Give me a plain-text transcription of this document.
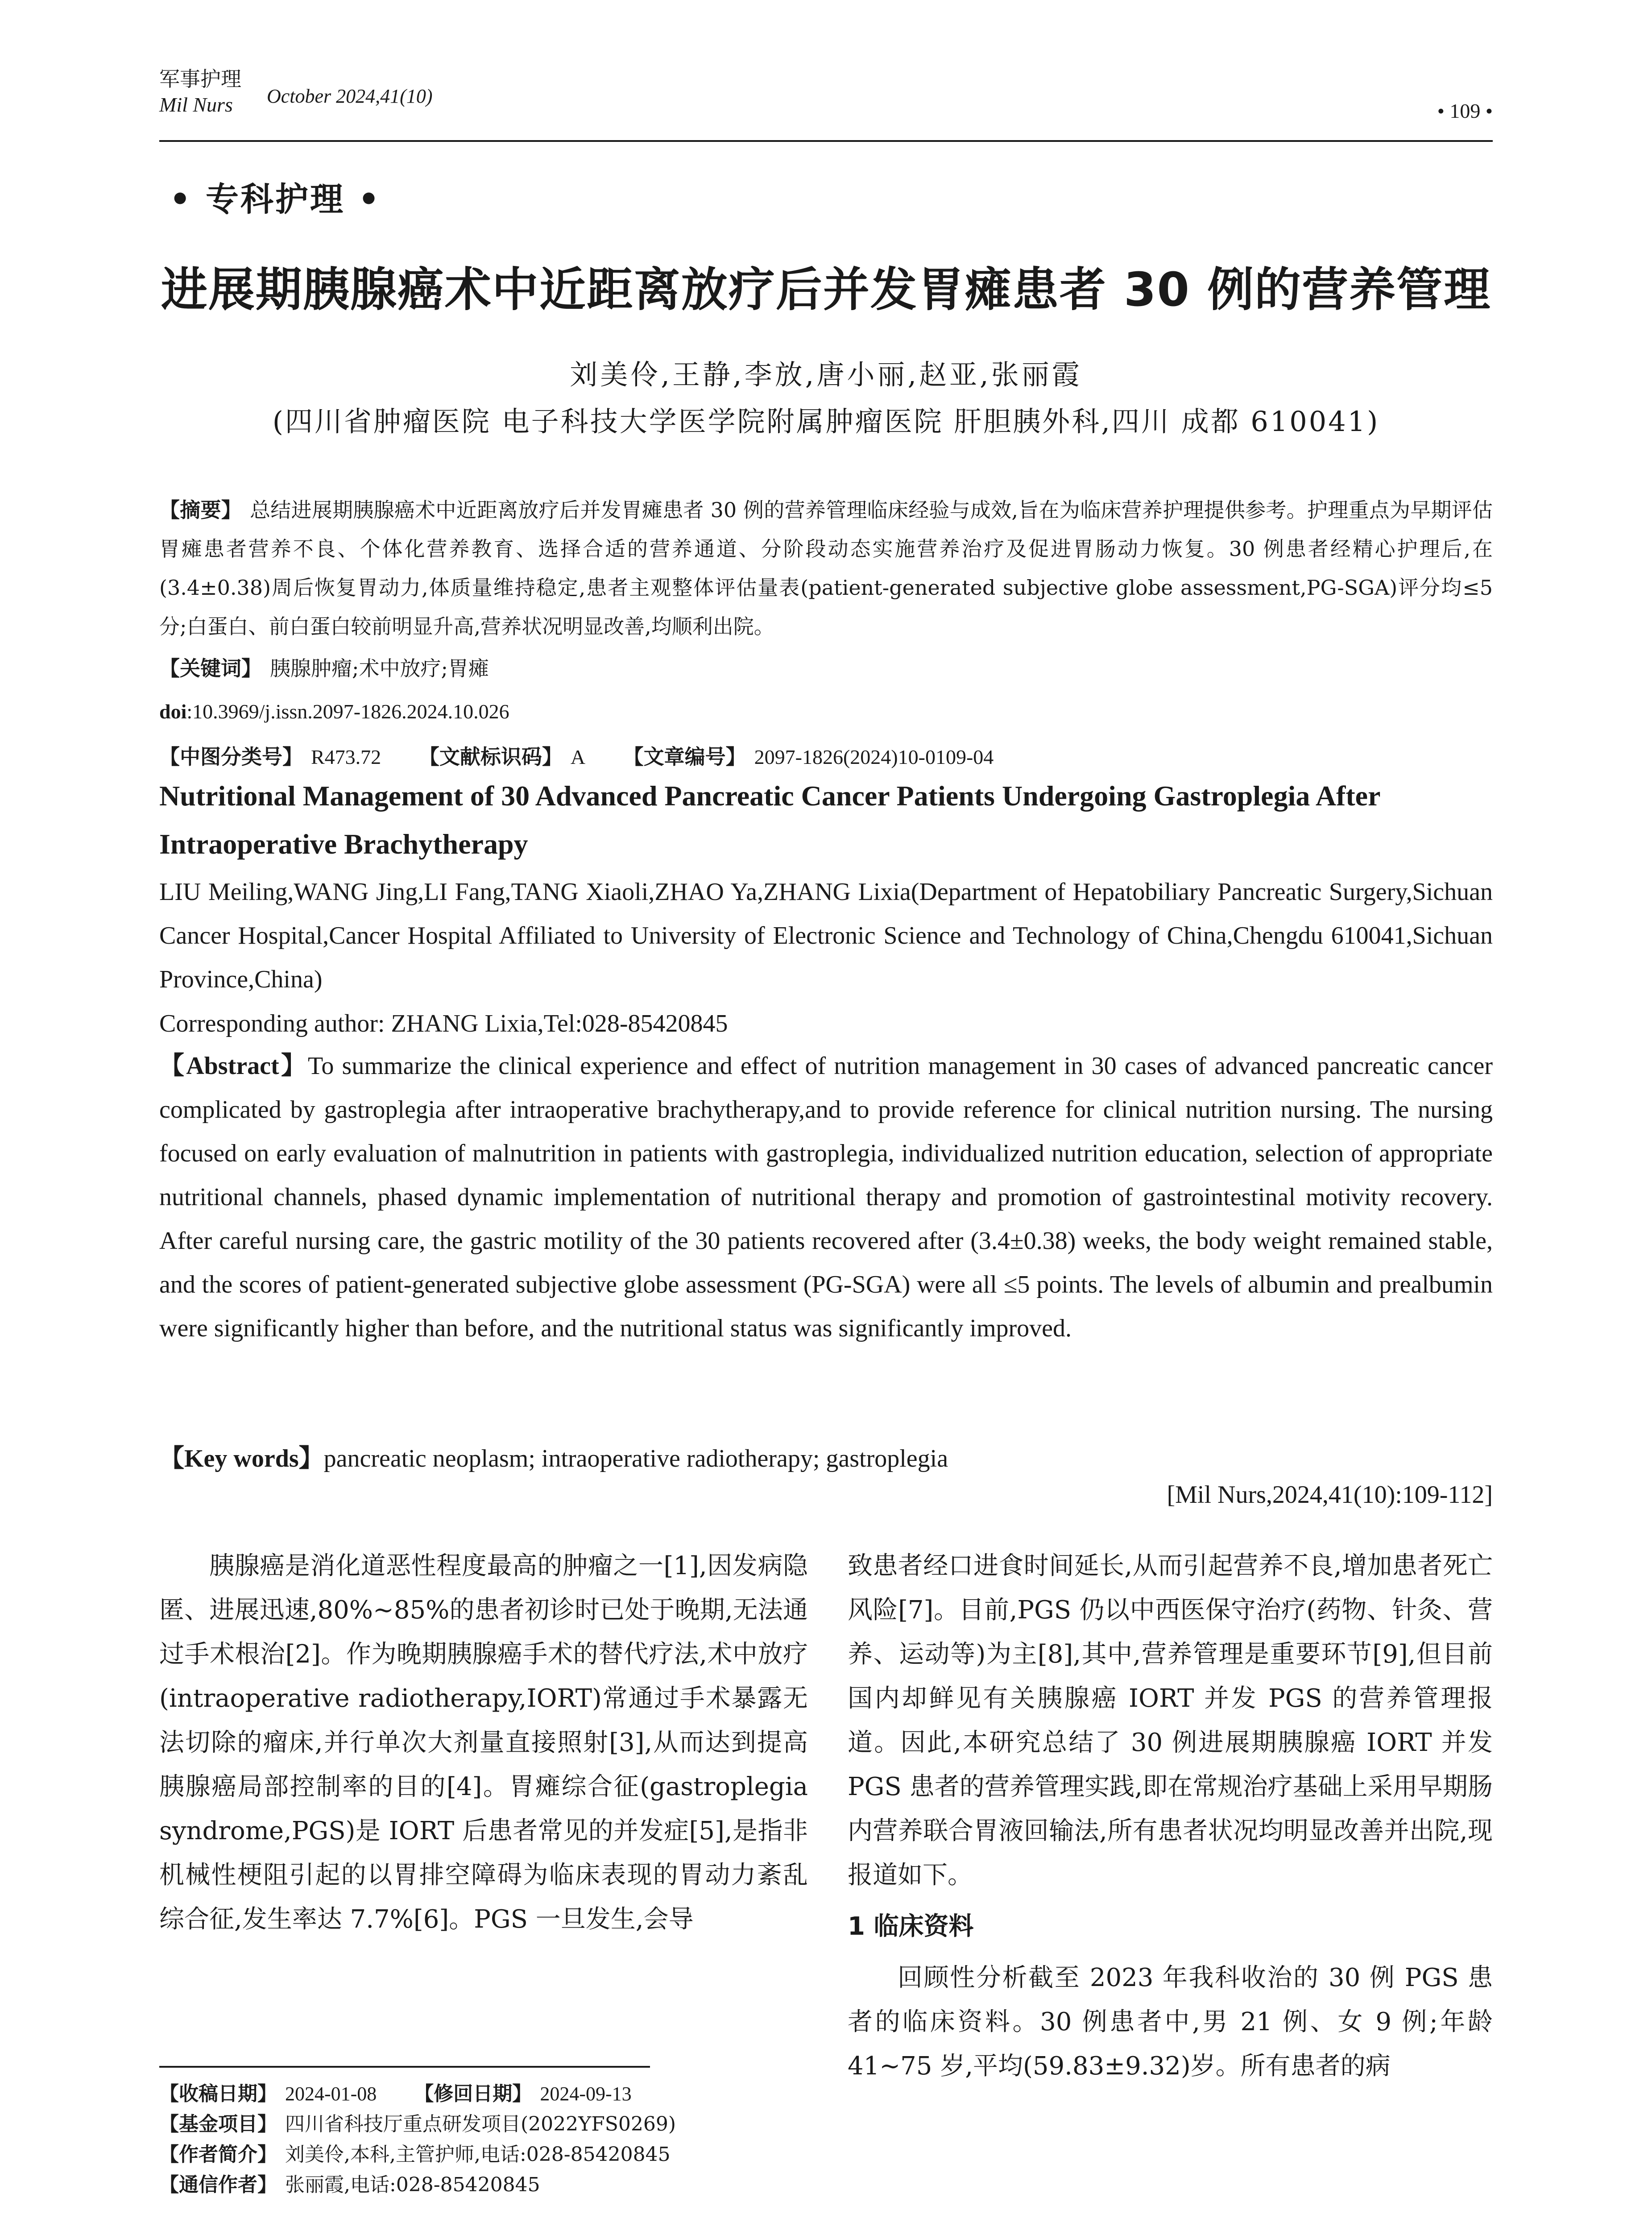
军事护理
Mil Nurs	October 2024,41(10)
• 109 •
• 专科护理 •
进展期胰腺癌术中近距离放疗后并发胃瘫患者 30 例的营养管理
刘美伶,王静,李放,唐小丽,赵亚,张丽霞
(四川省肿瘤医院 电子科技大学医学院附属肿瘤医院 肝胆胰外科,四川 成都 610041)
【摘要】 总结进展期胰腺癌术中近距离放疗后并发胃瘫患者 30 例的营养管理临床经验与成效,旨在为临床营养护理提供参考。护理重点为早期评估胃瘫患者营养不良、个体化营养教育、选择合适的营养通道、分阶段动态实施营养治疗及促进胃肠动力恢复。30 例患者经精心护理后,在(3.4±0.38)周后恢复胃动力,体质量维持稳定,患者主观整体评估量表(patient-generated subjective globe assessment,PG-SGA)评分均≤5 分;白蛋白、前白蛋白较前明显升高,营养状况明显改善,均顺利出院。
【关键词】 胰腺肿瘤;术中放疗;胃瘫
doi:10.3969/j.issn.2097-1826.2024.10.026
【中图分类号】 R473.72 【文献标识码】 A 【文章编号】 2097-1826(2024)10-0109-04
Nutritional Management of 30 Advanced Pancreatic Cancer Patients Undergoing Gastroplegia After Intraoperative Brachytherapy
LIU Meiling,WANG Jing,LI Fang,TANG Xiaoli,ZHAO Ya,ZHANG Lixia(Department of Hepatobiliary Pancreatic Surgery,Sichuan Cancer Hospital,Cancer Hospital Affiliated to University of Electronic Science and Technology of China,Chengdu 610041,Sichuan Province,China)
Corresponding author: ZHANG Lixia,Tel:028-85420845
【Abstract】To summarize the clinical experience and effect of nutrition management in 30 cases of advanced pancreatic cancer complicated by gastroplegia after intraoperative brachytherapy,and to provide reference for clinical nutrition nursing. The nursing focused on early evaluation of malnutrition in patients with gastroplegia, individualized nutrition education, selection of appropriate nutritional channels, phased dynamic implementation of nutritional therapy and promotion of gastrointestinal motivity recovery. After careful nursing care, the gastric motility of the 30 patients recovered after (3.4±0.38) weeks, the body weight remained stable, and the scores of patient-generated subjective globe assessment (PG-SGA) were all ≤5 points. The levels of albumin and prealbumin were significantly higher than before, and the nutritional status was significantly improved.
【Key words】pancreatic neoplasm; intraoperative radiotherapy; gastroplegia
[Mil Nurs,2024,41(10):109-112]
胰腺癌是消化道恶性程度最高的肿瘤之一[1],因发病隐匿、进展迅速,80%~85%的患者初诊时已处于晚期,无法通过手术根治[2]。作为晚期胰腺癌手术的替代疗法,术中放疗(intraoperative radiotherapy,IORT)常通过手术暴露无法切除的瘤床,并行单次大剂量直接照射[3],从而达到提高胰腺癌局部控制率的目的[4]。胃瘫综合征(gastroplegia syndrome,PGS)是 IORT 后患者常见的并发症[5],是指非机械性梗阻引起的以胃排空障碍为临床表现的胃动力紊乱综合征,发生率达 7.7%[6]。PGS 一旦发生,会导
致患者经口进食时间延长,从而引起营养不良,增加患者死亡风险[7]。目前,PGS 仍以中西医保守治疗(药物、针灸、营养、运动等)为主[8],其中,营养管理是重要环节[9],但目前国内却鲜见有关胰腺癌 IORT 并发 PGS 的营养管理报道。因此,本研究总结了 30 例进展期胰腺癌 IORT 并发 PGS 患者的营养管理实践,即在常规治疗基础上采用早期肠内营养联合胃液回输法,所有患者状况均明显改善并出院,现报道如下。
1 临床资料
回顾性分析截至 2023 年我科收治的 30 例 PGS 患者的临床资料。30 例患者中,男 21 例、女 9 例;年龄 41~75 岁,平均(59.83±9.32)岁。所有患者的病
【收稿日期】 2024-01-08 【修回日期】 2024-09-13
【基金项目】 四川省科技厅重点研发项目(2022YFS0269)
【作者简介】 刘美伶,本科,主管护师,电话:028-85420845
【通信作者】 张丽霞,电话:028-85420845
